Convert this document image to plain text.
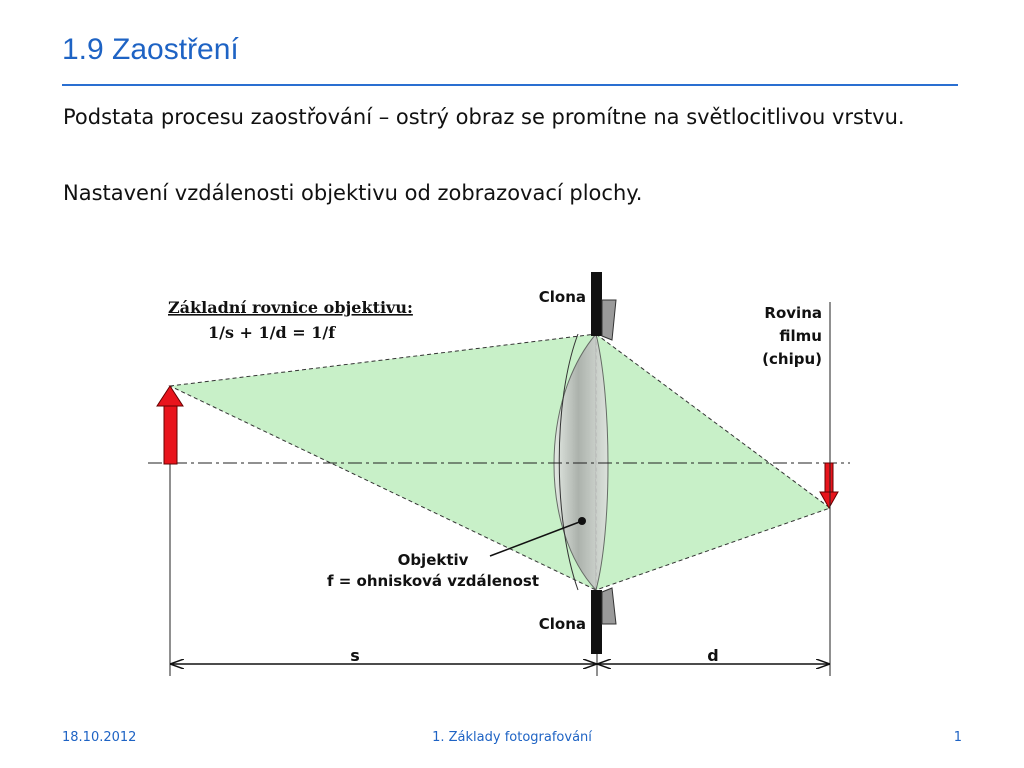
1.9 Zaostření

Podstata procesu zaostřování – ostrý obraz se promítne na světlocitlivou vrstvu.

Nastavení vzdálenosti objektivu od zobrazovací plochy.

Základní rovnice objektivu:
1/s + 1/d = 1/f
Clona
Clona
Rovina
filmu
(chipu)
Objektiv
f = ohnisková vzdálenost
s	d
18.10.2012	1. Základy fotografování	1
